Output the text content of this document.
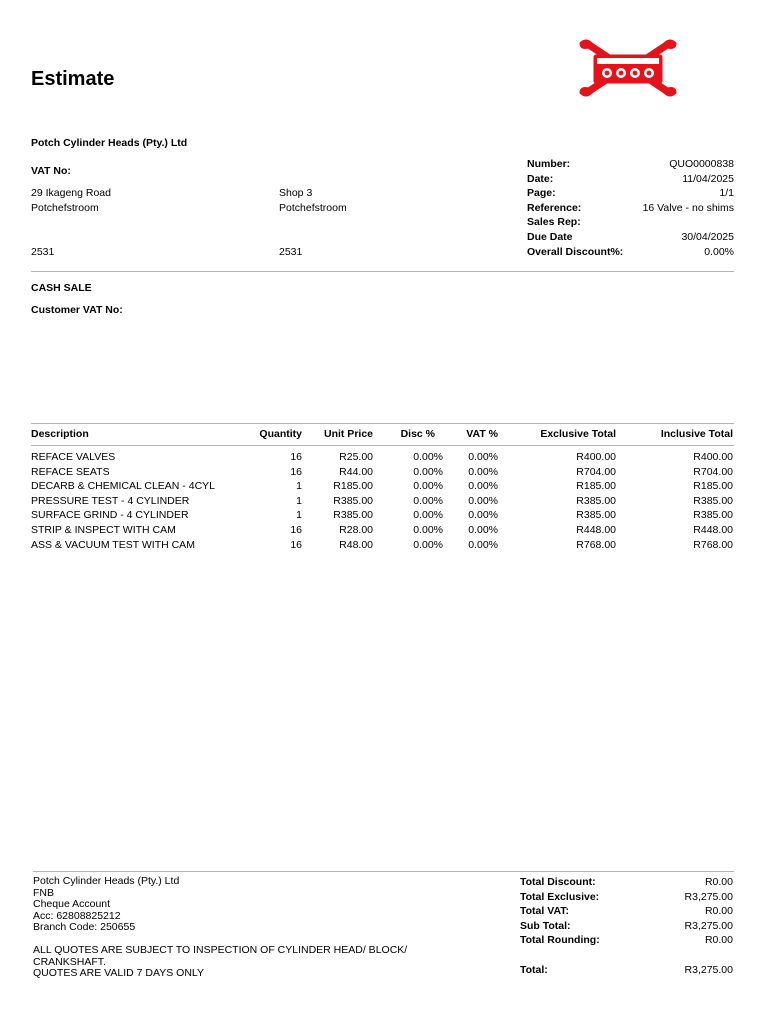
Estimate
Potch Cylinder Heads (Pty.) Ltd
VAT No:
29 Ikageng Road
Potchefstroom
2531
Shop 3
Potchefstroom
2531
Number:	QUO0000838
Date:	11/04/2025
Page:	1/1
Reference:	16 Valve - no shims
Sales Rep:
Due Date	30/04/2025
Overall Discount%:	0.00%
CASH SALE
Customer VAT No:
Description	Quantity	Unit Price	Disc %	VAT %	Exclusive Total	Inclusive Total
REFACE VALVES	16	R25.00	0.00%	0.00%	R400.00	R400.00
REFACE SEATS	16	R44.00	0.00%	0.00%	R704.00	R704.00
DECARB & CHEMICAL CLEAN - 4CYL	1	R185.00	0.00%	0.00%	R185.00	R185.00
PRESSURE TEST - 4 CYLINDER	1	R385.00	0.00%	0.00%	R385.00	R385.00
SURFACE GRIND - 4 CYLINDER	1	R385.00	0.00%	0.00%	R385.00	R385.00
STRIP & INSPECT WITH CAM	16	R28.00	0.00%	0.00%	R448.00	R448.00
ASS & VACUUM TEST WITH CAM	16	R48.00	0.00%	0.00%	R768.00	R768.00
Potch Cylinder Heads (Pty.) Ltd
FNB
Cheque Account
Acc: 62808825212
Branch Code: 250655
ALL QUOTES ARE SUBJECT TO INSPECTION OF CYLINDER HEAD/ BLOCK/
CRANKSHAFT.
QUOTES ARE VALID 7 DAYS ONLY
Total Discount:	R0.00
Total Exclusive:	R3,275.00
Total VAT:	R0.00
Sub Total:	R3,275.00
Total Rounding:	R0.00
Total:	R3,275.00
